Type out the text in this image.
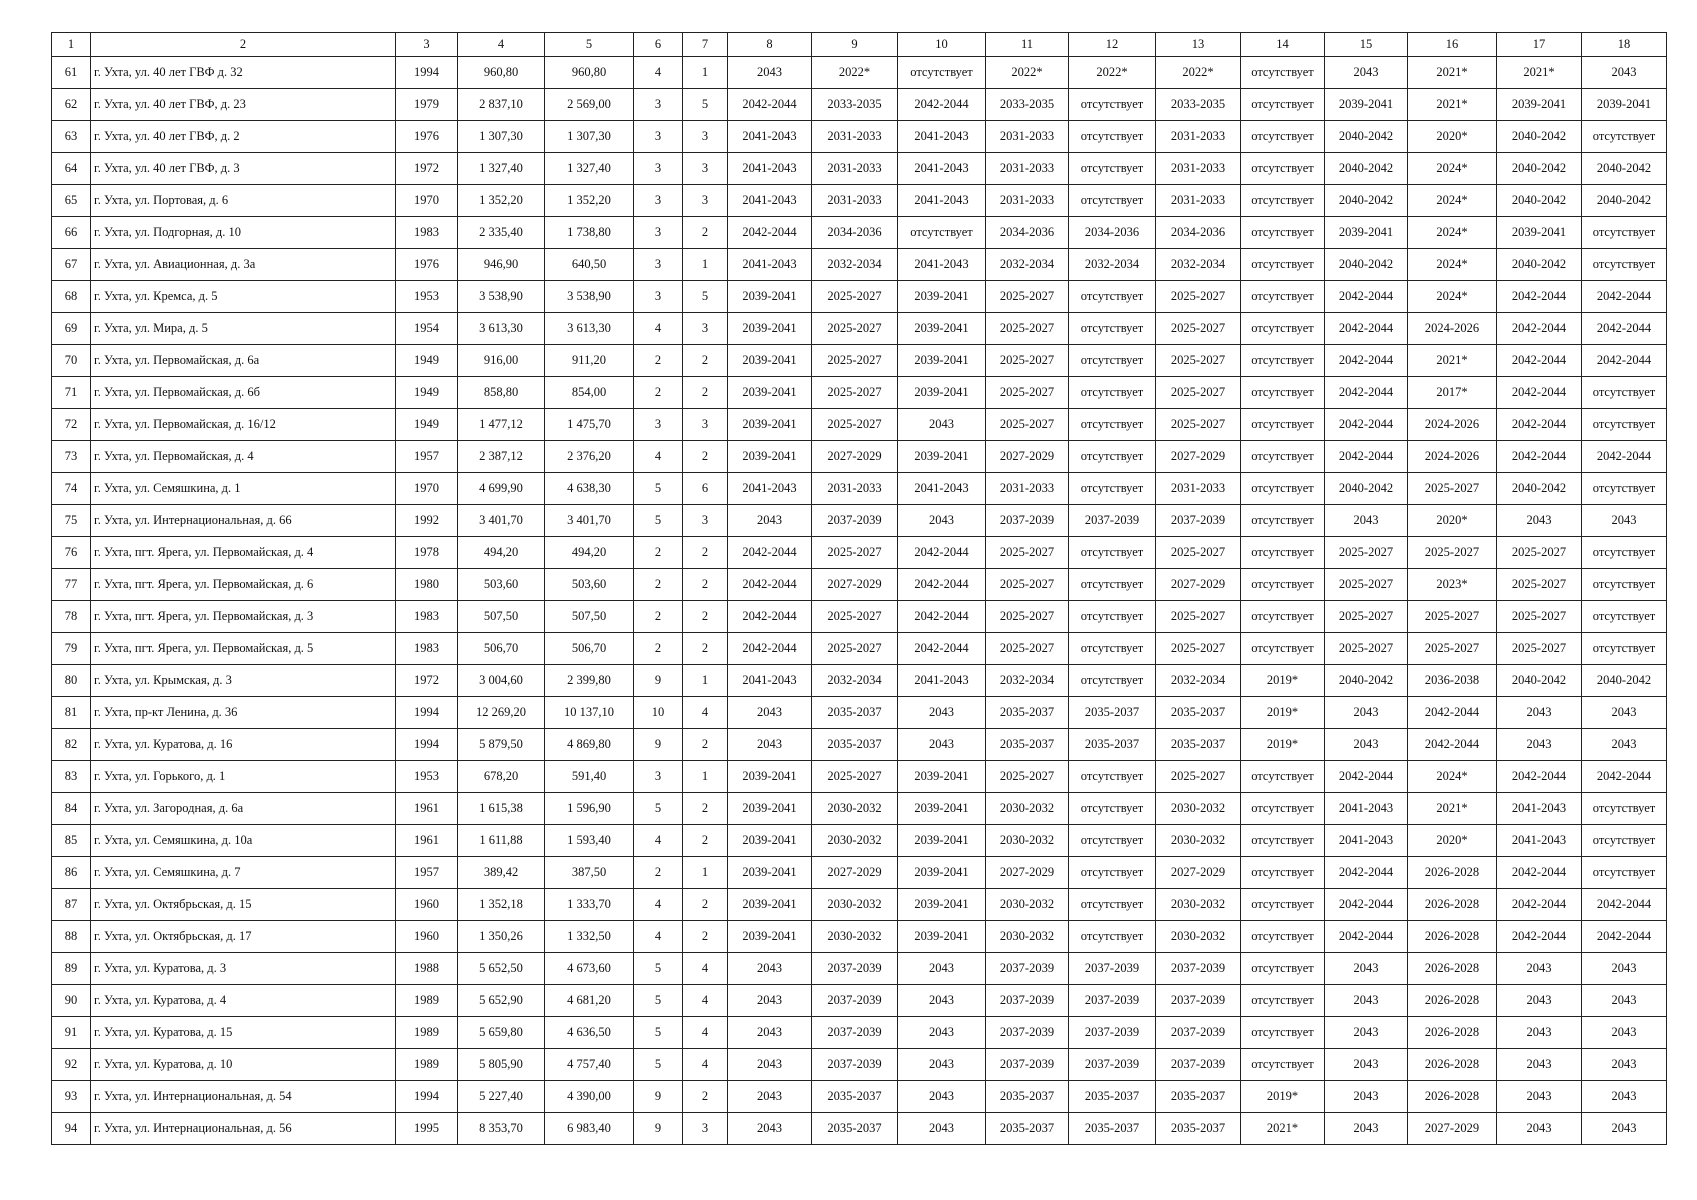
1	2	3	4	5	6	7	8	9	10	11	12	13	14	15	16	17	18
61	г. Ухта, ул. 40 лет ГВФ д. 32	1994	960,80	960,80	4	1	2043	2022*	отсутствует	2022*	2022*	2022*	отсутствует	2043	2021*	2021*	2043
62	г. Ухта, ул. 40 лет ГВФ, д. 23	1979	2 837,10	2 569,00	3	5	2042-2044	2033-2035	2042-2044	2033-2035	отсутствует	2033-2035	отсутствует	2039-2041	2021*	2039-2041	2039-2041
63	г. Ухта, ул. 40 лет ГВФ, д. 2	1976	1 307,30	1 307,30	3	3	2041-2043	2031-2033	2041-2043	2031-2033	отсутствует	2031-2033	отсутствует	2040-2042	2020*	2040-2042	отсутствует
64	г. Ухта, ул. 40 лет ГВФ, д. 3	1972	1 327,40	1 327,40	3	3	2041-2043	2031-2033	2041-2043	2031-2033	отсутствует	2031-2033	отсутствует	2040-2042	2024*	2040-2042	2040-2042
65	г. Ухта, ул. Портовая, д. 6	1970	1 352,20	1 352,20	3	3	2041-2043	2031-2033	2041-2043	2031-2033	отсутствует	2031-2033	отсутствует	2040-2042	2024*	2040-2042	2040-2042
66	г. Ухта, ул. Подгорная, д. 10	1983	2 335,40	1 738,80	3	2	2042-2044	2034-2036	отсутствует	2034-2036	2034-2036	2034-2036	отсутствует	2039-2041	2024*	2039-2041	отсутствует
67	г. Ухта, ул. Авиационная, д. 3а	1976	946,90	640,50	3	1	2041-2043	2032-2034	2041-2043	2032-2034	2032-2034	2032-2034	отсутствует	2040-2042	2024*	2040-2042	отсутствует
68	г. Ухта, ул. Кремса, д. 5	1953	3 538,90	3 538,90	3	5	2039-2041	2025-2027	2039-2041	2025-2027	отсутствует	2025-2027	отсутствует	2042-2044	2024*	2042-2044	2042-2044
69	г. Ухта, ул. Мира, д. 5	1954	3 613,30	3 613,30	4	3	2039-2041	2025-2027	2039-2041	2025-2027	отсутствует	2025-2027	отсутствует	2042-2044	2024-2026	2042-2044	2042-2044
70	г. Ухта, ул. Первомайская, д. 6а	1949	916,00	911,20	2	2	2039-2041	2025-2027	2039-2041	2025-2027	отсутствует	2025-2027	отсутствует	2042-2044	2021*	2042-2044	2042-2044
71	г. Ухта, ул. Первомайская, д. 6б	1949	858,80	854,00	2	2	2039-2041	2025-2027	2039-2041	2025-2027	отсутствует	2025-2027	отсутствует	2042-2044	2017*	2042-2044	отсутствует
72	г. Ухта, ул. Первомайская, д. 16/12	1949	1 477,12	1 475,70	3	3	2039-2041	2025-2027	2043	2025-2027	отсутствует	2025-2027	отсутствует	2042-2044	2024-2026	2042-2044	отсутствует
73	г. Ухта, ул. Первомайская, д. 4	1957	2 387,12	2 376,20	4	2	2039-2041	2027-2029	2039-2041	2027-2029	отсутствует	2027-2029	отсутствует	2042-2044	2024-2026	2042-2044	2042-2044
74	г. Ухта, ул. Семяшкина, д. 1	1970	4 699,90	4 638,30	5	6	2041-2043	2031-2033	2041-2043	2031-2033	отсутствует	2031-2033	отсутствует	2040-2042	2025-2027	2040-2042	отсутствует
75	г. Ухта, ул. Интернациональная, д. 66	1992	3 401,70	3 401,70	5	3	2043	2037-2039	2043	2037-2039	2037-2039	2037-2039	отсутствует	2043	2020*	2043	2043
76	г. Ухта, пгт. Ярега, ул. Первомайская, д. 4	1978	494,20	494,20	2	2	2042-2044	2025-2027	2042-2044	2025-2027	отсутствует	2025-2027	отсутствует	2025-2027	2025-2027	2025-2027	отсутствует
77	г. Ухта, пгт. Ярега, ул. Первомайская, д. 6	1980	503,60	503,60	2	2	2042-2044	2027-2029	2042-2044	2025-2027	отсутствует	2027-2029	отсутствует	2025-2027	2023*	2025-2027	отсутствует
78	г. Ухта, пгт. Ярега, ул. Первомайская, д. 3	1983	507,50	507,50	2	2	2042-2044	2025-2027	2042-2044	2025-2027	отсутствует	2025-2027	отсутствует	2025-2027	2025-2027	2025-2027	отсутствует
79	г. Ухта, пгт. Ярега, ул. Первомайская, д. 5	1983	506,70	506,70	2	2	2042-2044	2025-2027	2042-2044	2025-2027	отсутствует	2025-2027	отсутствует	2025-2027	2025-2027	2025-2027	отсутствует
80	г. Ухта, ул. Крымская, д. 3	1972	3 004,60	2 399,80	9	1	2041-2043	2032-2034	2041-2043	2032-2034	отсутствует	2032-2034	2019*	2040-2042	2036-2038	2040-2042	2040-2042
81	г. Ухта, пр-кт Ленина, д. 36	1994	12 269,20	10 137,10	10	4	2043	2035-2037	2043	2035-2037	2035-2037	2035-2037	2019*	2043	2042-2044	2043	2043
82	г. Ухта, ул. Куратова, д. 16	1994	5 879,50	4 869,80	9	2	2043	2035-2037	2043	2035-2037	2035-2037	2035-2037	2019*	2043	2042-2044	2043	2043
83	г. Ухта, ул. Горького, д. 1	1953	678,20	591,40	3	1	2039-2041	2025-2027	2039-2041	2025-2027	отсутствует	2025-2027	отсутствует	2042-2044	2024*	2042-2044	2042-2044
84	г. Ухта, ул. Загородная, д. 6а	1961	1 615,38	1 596,90	5	2	2039-2041	2030-2032	2039-2041	2030-2032	отсутствует	2030-2032	отсутствует	2041-2043	2021*	2041-2043	отсутствует
85	г. Ухта, ул. Семяшкина, д. 10а	1961	1 611,88	1 593,40	4	2	2039-2041	2030-2032	2039-2041	2030-2032	отсутствует	2030-2032	отсутствует	2041-2043	2020*	2041-2043	отсутствует
86	г. Ухта, ул. Семяшкина, д. 7	1957	389,42	387,50	2	1	2039-2041	2027-2029	2039-2041	2027-2029	отсутствует	2027-2029	отсутствует	2042-2044	2026-2028	2042-2044	отсутствует
87	г. Ухта, ул. Октябрьская, д. 15	1960	1 352,18	1 333,70	4	2	2039-2041	2030-2032	2039-2041	2030-2032	отсутствует	2030-2032	отсутствует	2042-2044	2026-2028	2042-2044	2042-2044
88	г. Ухта, ул. Октябрьская, д. 17	1960	1 350,26	1 332,50	4	2	2039-2041	2030-2032	2039-2041	2030-2032	отсутствует	2030-2032	отсутствует	2042-2044	2026-2028	2042-2044	2042-2044
89	г. Ухта, ул. Куратова, д. 3	1988	5 652,50	4 673,60	5	4	2043	2037-2039	2043	2037-2039	2037-2039	2037-2039	отсутствует	2043	2026-2028	2043	2043
90	г. Ухта, ул. Куратова, д. 4	1989	5 652,90	4 681,20	5	4	2043	2037-2039	2043	2037-2039	2037-2039	2037-2039	отсутствует	2043	2026-2028	2043	2043
91	г. Ухта, ул. Куратова, д. 15	1989	5 659,80	4 636,50	5	4	2043	2037-2039	2043	2037-2039	2037-2039	2037-2039	отсутствует	2043	2026-2028	2043	2043
92	г. Ухта, ул. Куратова, д. 10	1989	5 805,90	4 757,40	5	4	2043	2037-2039	2043	2037-2039	2037-2039	2037-2039	отсутствует	2043	2026-2028	2043	2043
93	г. Ухта, ул. Интернациональная, д. 54	1994	5 227,40	4 390,00	9	2	2043	2035-2037	2043	2035-2037	2035-2037	2035-2037	2019*	2043	2026-2028	2043	2043
94	г. Ухта, ул. Интернациональная, д. 56	1995	8 353,70	6 983,40	9	3	2043	2035-2037	2043	2035-2037	2035-2037	2035-2037	2021*	2043	2027-2029	2043	2043
